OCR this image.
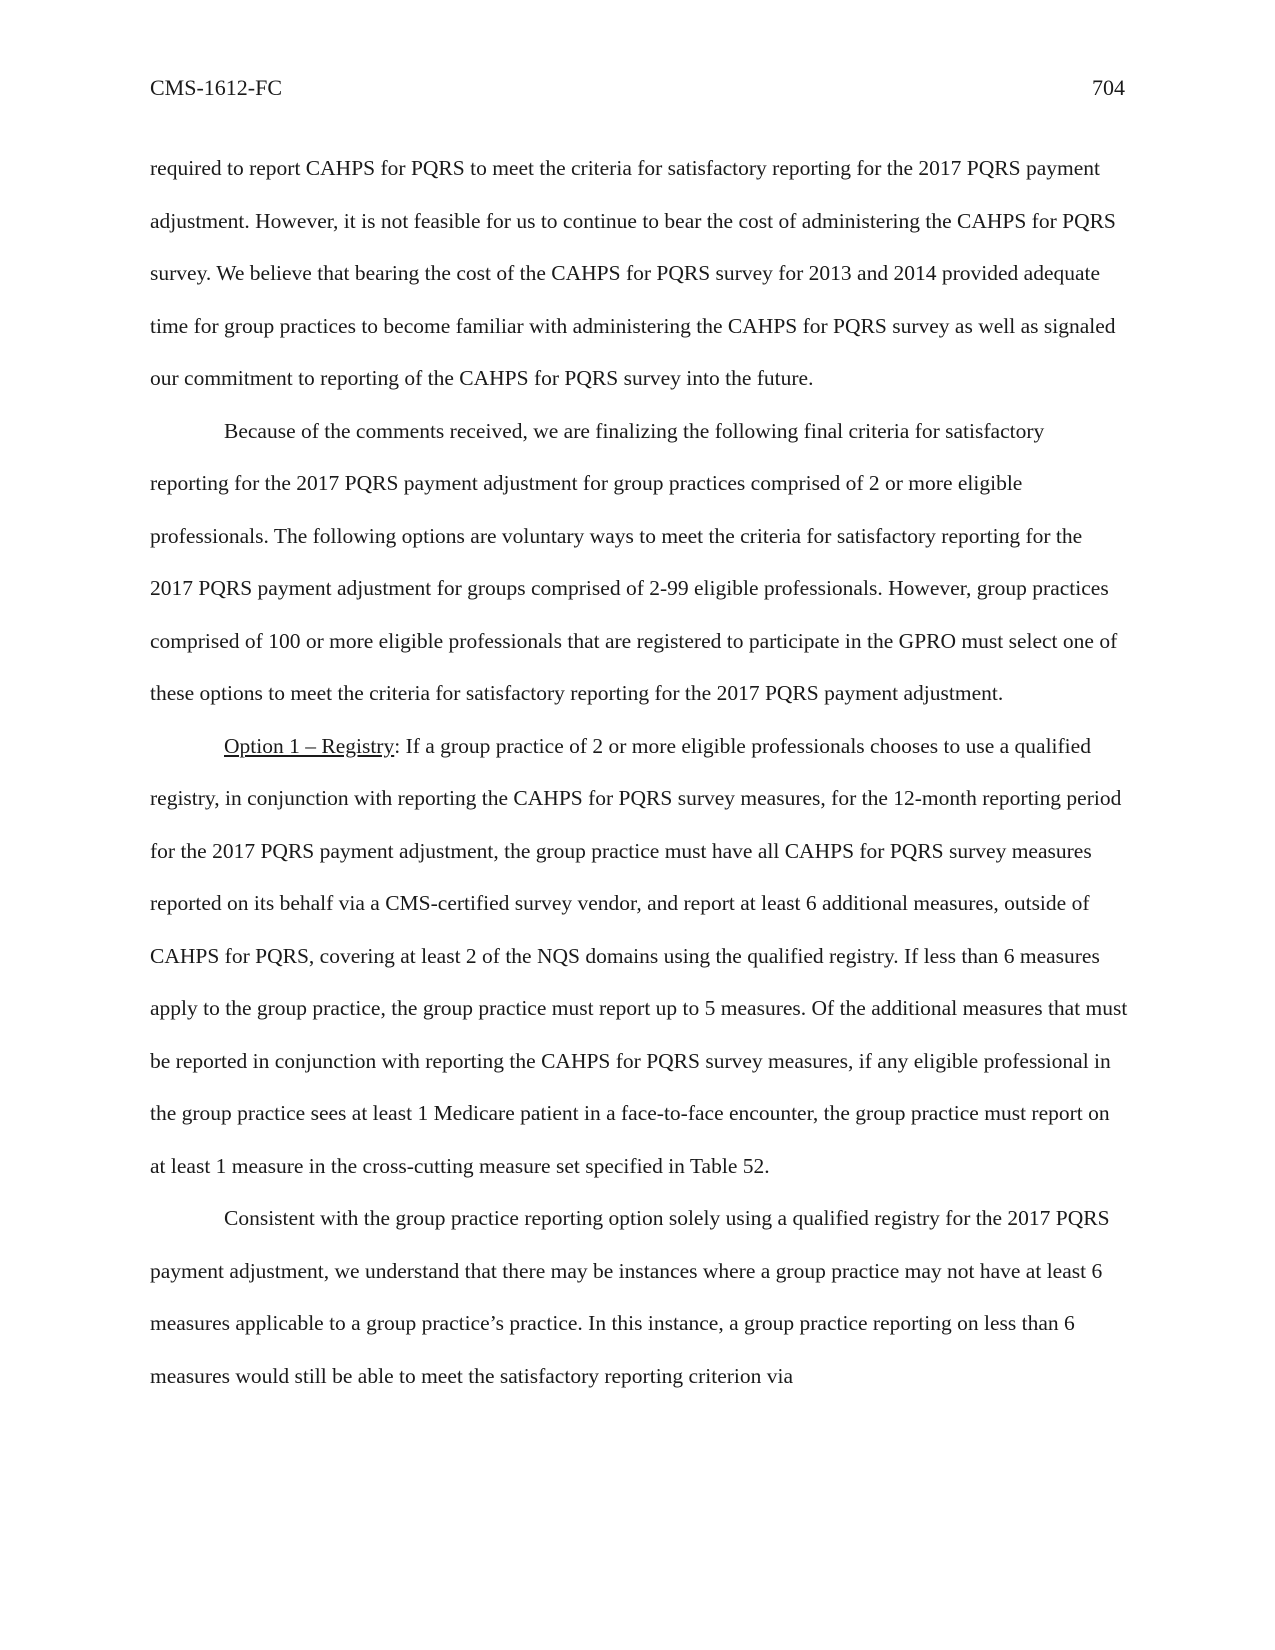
CMS-1612-FC	704

required to report CAHPS for PQRS to meet the criteria for satisfactory reporting for the 2017 PQRS payment adjustment. However, it is not feasible for us to continue to bear the cost of administering the CAHPS for PQRS survey. We believe that bearing the cost of the CAHPS for PQRS survey for 2013 and 2014 provided adequate time for group practices to become familiar with administering the CAHPS for PQRS survey as well as signaled our commitment to reporting of the CAHPS for PQRS survey into the future.

Because of the comments received, we are finalizing the following final criteria for satisfactory reporting for the 2017 PQRS payment adjustment for group practices comprised of 2 or more eligible professionals. The following options are voluntary ways to meet the criteria for satisfactory reporting for the 2017 PQRS payment adjustment for groups comprised of 2-99 eligible professionals. However, group practices comprised of 100 or more eligible professionals that are registered to participate in the GPRO must select one of these options to meet the criteria for satisfactory reporting for the 2017 PQRS payment adjustment.

Option 1 – Registry: If a group practice of 2 or more eligible professionals chooses to use a qualified registry, in conjunction with reporting the CAHPS for PQRS survey measures, for the 12-month reporting period for the 2017 PQRS payment adjustment, the group practice must have all CAHPS for PQRS survey measures reported on its behalf via a CMS-certified survey vendor, and report at least 6 additional measures, outside of CAHPS for PQRS, covering at least 2 of the NQS domains using the qualified registry. If less than 6 measures apply to the group practice, the group practice must report up to 5 measures. Of the additional measures that must be reported in conjunction with reporting the CAHPS for PQRS survey measures, if any eligible professional in the group practice sees at least 1 Medicare patient in a face-to-face encounter, the group practice must report on at least 1 measure in the cross-cutting measure set specified in Table 52.

Consistent with the group practice reporting option solely using a qualified registry for the 2017 PQRS payment adjustment, we understand that there may be instances where a group practice may not have at least 6 measures applicable to a group practice’s practice. In this instance, a group practice reporting on less than 6 measures would still be able to meet the satisfactory reporting criterion via
